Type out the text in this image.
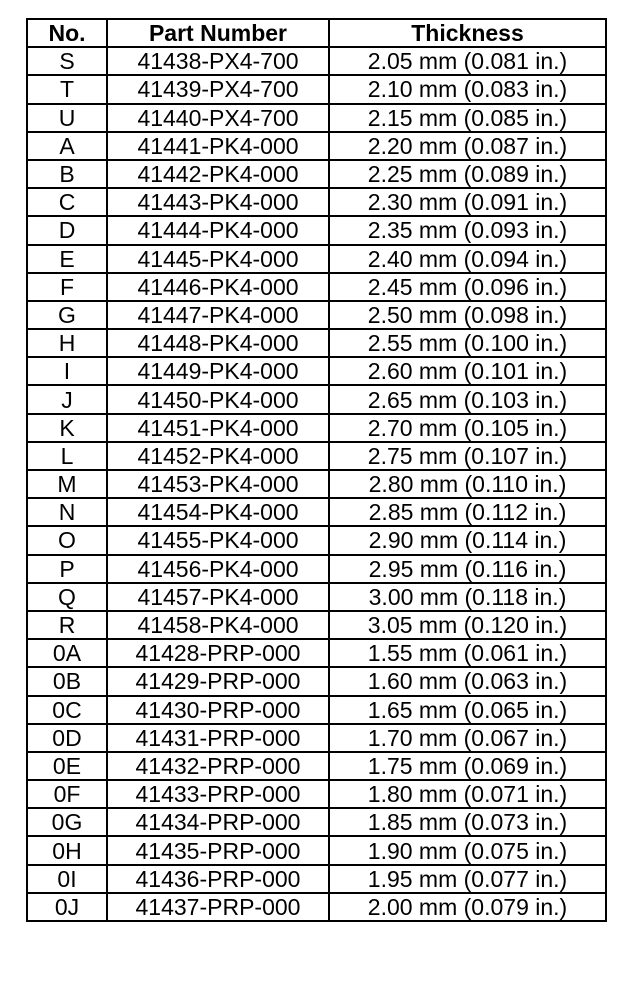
No.	Part Number	Thickness
S	41438-PX4-700	2.05 mm (0.081 in.)
T	41439-PX4-700	2.10 mm (0.083 in.)
U	41440-PX4-700	2.15 mm (0.085 in.)
A	41441-PK4-000	2.20 mm (0.087 in.)
B	41442-PK4-000	2.25 mm (0.089 in.)
C	41443-PK4-000	2.30 mm (0.091 in.)
D	41444-PK4-000	2.35 mm (0.093 in.)
E	41445-PK4-000	2.40 mm (0.094 in.)
F	41446-PK4-000	2.45 mm (0.096 in.)
G	41447-PK4-000	2.50 mm (0.098 in.)
H	41448-PK4-000	2.55 mm (0.100 in.)
I	41449-PK4-000	2.60 mm (0.101 in.)
J	41450-PK4-000	2.65 mm (0.103 in.)
K	41451-PK4-000	2.70 mm (0.105 in.)
L	41452-PK4-000	2.75 mm (0.107 in.)
M	41453-PK4-000	2.80 mm (0.110 in.)
N	41454-PK4-000	2.85 mm (0.112 in.)
O	41455-PK4-000	2.90 mm (0.114 in.)
P	41456-PK4-000	2.95 mm (0.116 in.)
Q	41457-PK4-000	3.00 mm (0.118 in.)
R	41458-PK4-000	3.05 mm (0.120 in.)
0A	41428-PRP-000	1.55 mm (0.061 in.)
0B	41429-PRP-000	1.60 mm (0.063 in.)
0C	41430-PRP-000	1.65 mm (0.065 in.)
0D	41431-PRP-000	1.70 mm (0.067 in.)
0E	41432-PRP-000	1.75 mm (0.069 in.)
0F	41433-PRP-000	1.80 mm (0.071 in.)
0G	41434-PRP-000	1.85 mm (0.073 in.)
0H	41435-PRP-000	1.90 mm (0.075 in.)
0I	41436-PRP-000	1.95 mm (0.077 in.)
0J	41437-PRP-000	2.00 mm (0.079 in.)
